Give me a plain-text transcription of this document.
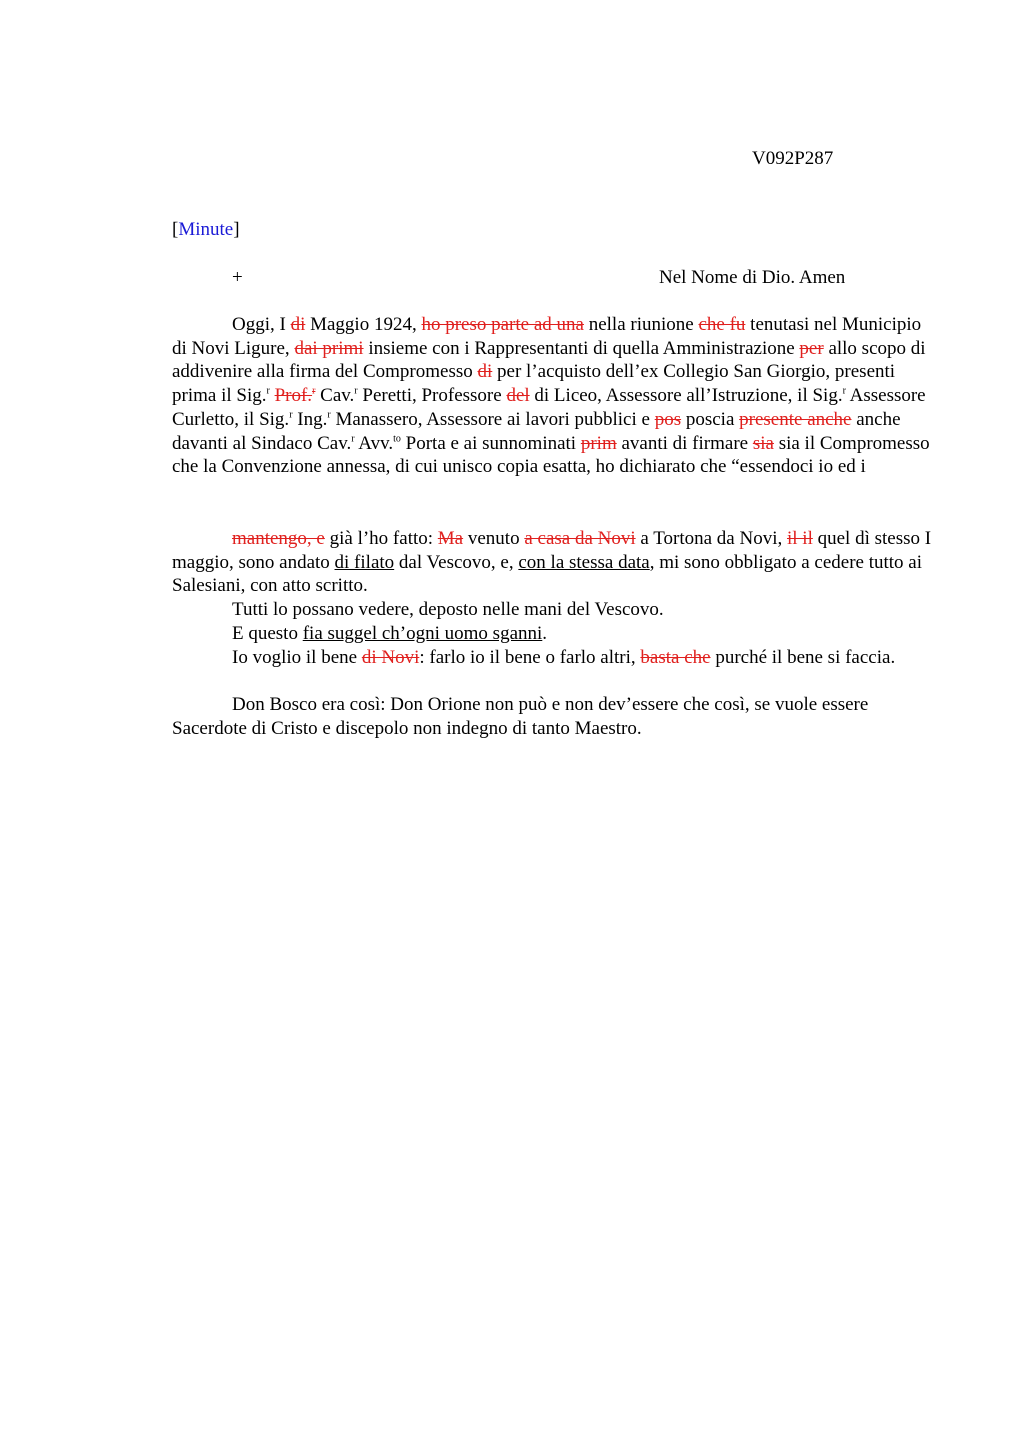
V092P287
[Minute]
+	Nel Nome di Dio. Amen

Oggi, I di Maggio 1924, ho preso parte ad una nella riunione che fu tenutasi nel Municipio di Novi Ligure, dai primi insieme con i Rappresentanti di quella Amministrazione per allo scopo di addivenire alla firma del Compromesso di per l’acquisto dell’ex Collegio San Giorgio, presenti prima il Sig.$^r$ Prof.$^r$ Cav.$^r$ Peretti, Professore del di Liceo, Assessore all’Istruzione, il Sig.$^r$ Assessore Curletto, il Sig.$^r$ Ing.$^r$ Manassero, Assessore ai lavori pubblici e pos poscia presente anche anche davanti al Sindaco Cav.$^r$ Avv.$^{to}$ Porta e ai sunnominati prim avanti di firmare sia sia il Compromesso che la Convenzione annessa, di cui unisco copia esatta, ho dichiarato che “essendoci io ed i

mantengo, e già l’ho fatto: Ma venuto a casa da Novi a Tortona da Novi, il il quel dì stesso I maggio, sono andato di filato dal Vescovo, e, con la stessa data, mi sono obbligato a cedere tutto ai Salesiani, con atto scritto.

Tutti lo possano vedere, deposto nelle mani del Vescovo.

E questo fia suggel ch’ogni uomo sganni.

Io voglio il bene di Novi: farlo io il bene o farlo altri, basta che purché il bene si faccia.

Don Bosco era così: Don Orione non può e non dev’essere che così, se vuole essere Sacerdote di Cristo e discepolo non indegno di tanto Maestro.
